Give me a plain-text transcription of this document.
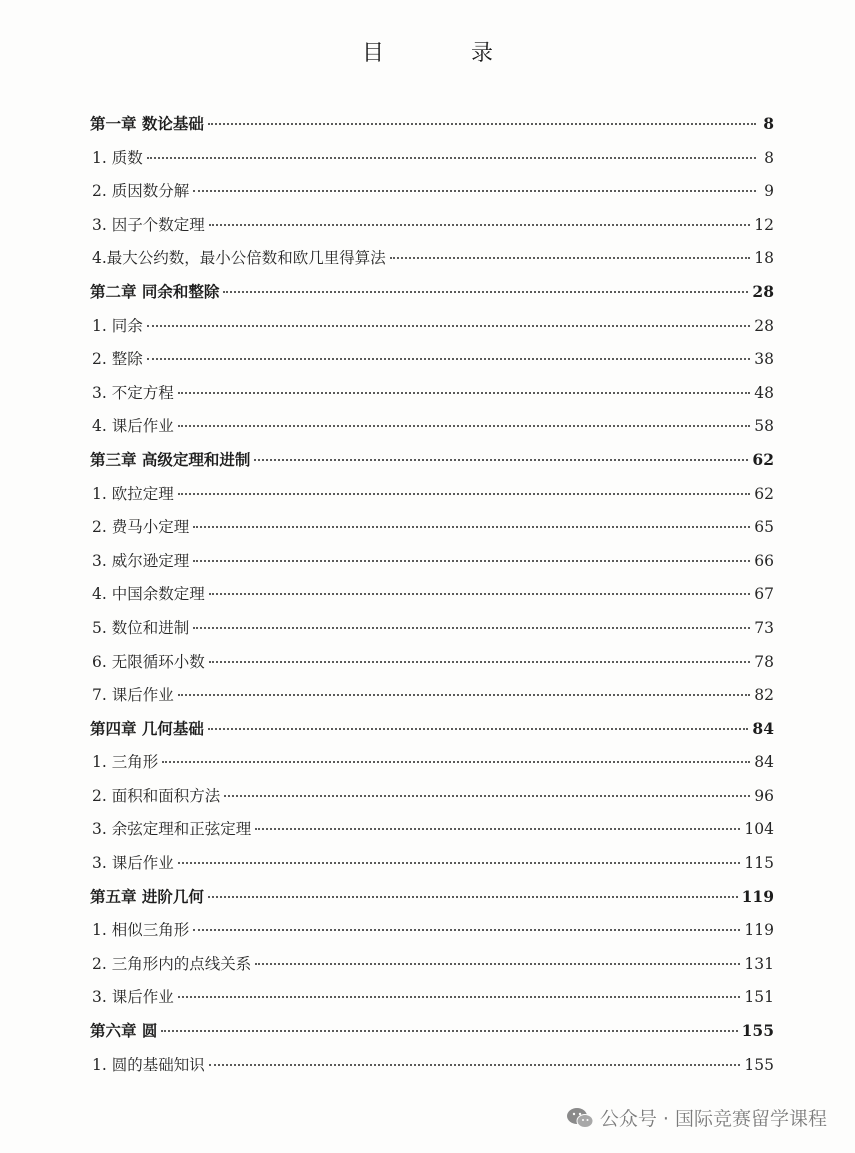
目 录
第一章 数论基础	8
1. 质数	8
2. 质因数分解	9
3. 因子个数定理	12
4.最大公约数，最小公倍数和欧几里得算法	18
第二章 同余和整除	28
1. 同余	28
2. 整除	38
3. 不定方程	48
4. 课后作业	58
第三章 高级定理和进制	62
1. 欧拉定理	62
2. 费马小定理	65
3. 威尔逊定理	66
4. 中国余数定理	67
5. 数位和进制	73
6. 无限循环小数	78
7. 课后作业	82
第四章 几何基础	84
1. 三角形	84
2. 面积和面积方法	96
3. 余弦定理和正弦定理	104
3. 课后作业	115
第五章 进阶几何	119
1. 相似三角形	119
2. 三角形内的点线关系	131
3. 课后作业	151
第六章 圆	155
1. 圆的基础知识	155
公众号 · 国际竞赛留学课程
